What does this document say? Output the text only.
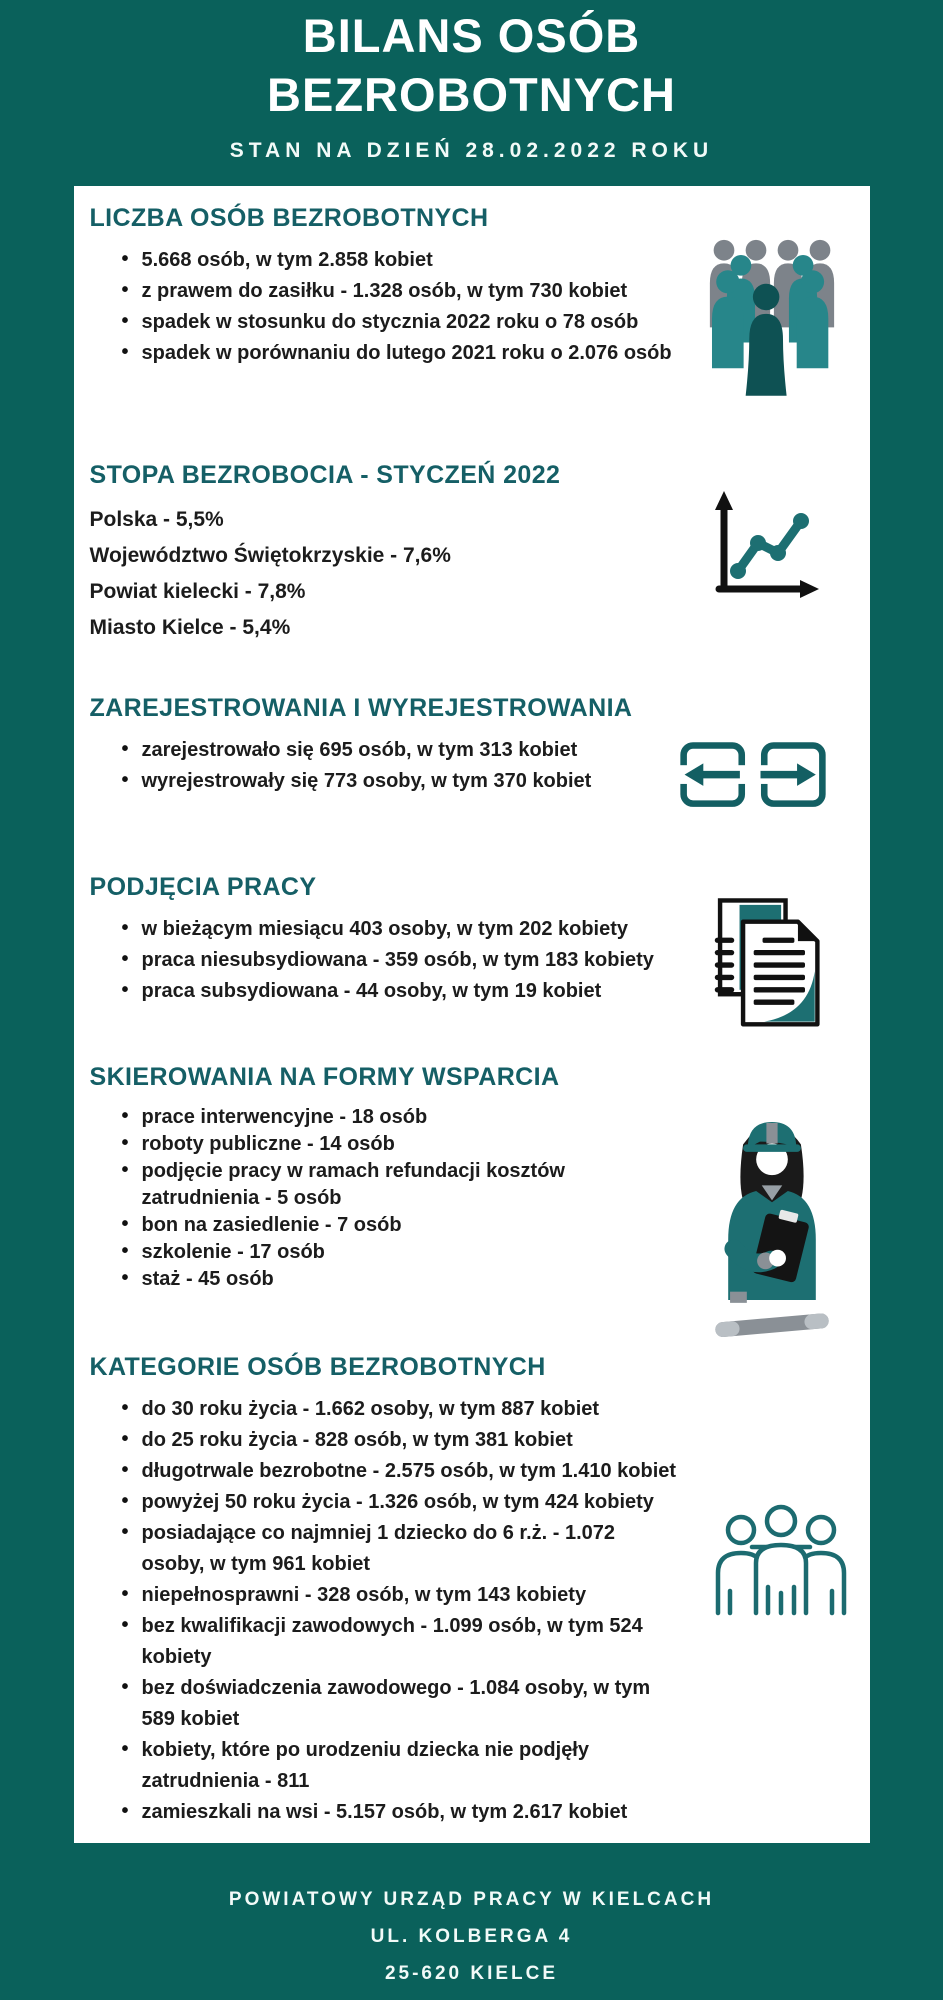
BILANS OSÓB
BEZROBOTNYCH
STAN NA DZIEŃ 28.02.2022 ROKU
LICZBA OSÓB BEZROBOTNYCH
• 5.668 osób, w tym 2.858 kobiet
• z prawem do zasiłku - 1.328 osób, w tym 730 kobiet
• spadek w stosunku do stycznia 2022 roku o 78 osób
• spadek w porównaniu do lutego 2021 roku o 2.076 osób
STOPA BEZROBOCIA - STYCZEŃ 2022
Polska - 5,5%
Województwo Świętokrzyskie - 7,6%
Powiat kielecki - 7,8%
Miasto Kielce - 5,4%
ZAREJESTROWANIA I WYREJESTROWANIA
• zarejestrowało się 695 osób, w tym 313 kobiet
• wyrejestrowały się 773 osoby, w tym 370 kobiet
PODJĘCIA PRACY
• w bieżącym miesiącu 403 osoby, w tym 202 kobiety
• praca niesubsydiowana - 359 osób, w tym 183 kobiety
• praca subsydiowana - 44 osoby, w tym 19 kobiet
SKIEROWANIA NA FORMY WSPARCIA
• prace interwencyjne - 18 osób
• roboty publiczne - 14 osób
• podjęcie pracy w ramach refundacji kosztów zatrudnienia - 5 osób
• bon na zasiedlenie - 7 osób
• szkolenie - 17 osób
• staż - 45 osób
KATEGORIE OSÓB BEZROBOTNYCH
• do 30 roku życia - 1.662 osoby, w tym 887 kobiet
• do 25 roku życia - 828 osób, w tym 381 kobiet
• długotrwale bezrobotne - 2.575 osób, w tym 1.410 kobiet
• powyżej 50 roku życia - 1.326 osób, w tym 424 kobiety
• posiadające co najmniej 1 dziecko do 6 r.ż. - 1.072 osoby, w tym 961 kobiet
• niepełnosprawni - 328 osób, w tym 143 kobiety
• bez kwalifikacji zawodowych - 1.099 osób, w tym 524 kobiety
• bez doświadczenia zawodowego - 1.084 osoby, w tym 589 kobiet
• kobiety, które po urodzeniu dziecka nie podjęły zatrudnienia - 811
• zamieszkali na wsi - 5.157 osób, w tym 2.617 kobiet
POWIATOWY URZĄD PRACY W KIELCACH
UL. KOLBERGA 4
25-620 KIELCE
